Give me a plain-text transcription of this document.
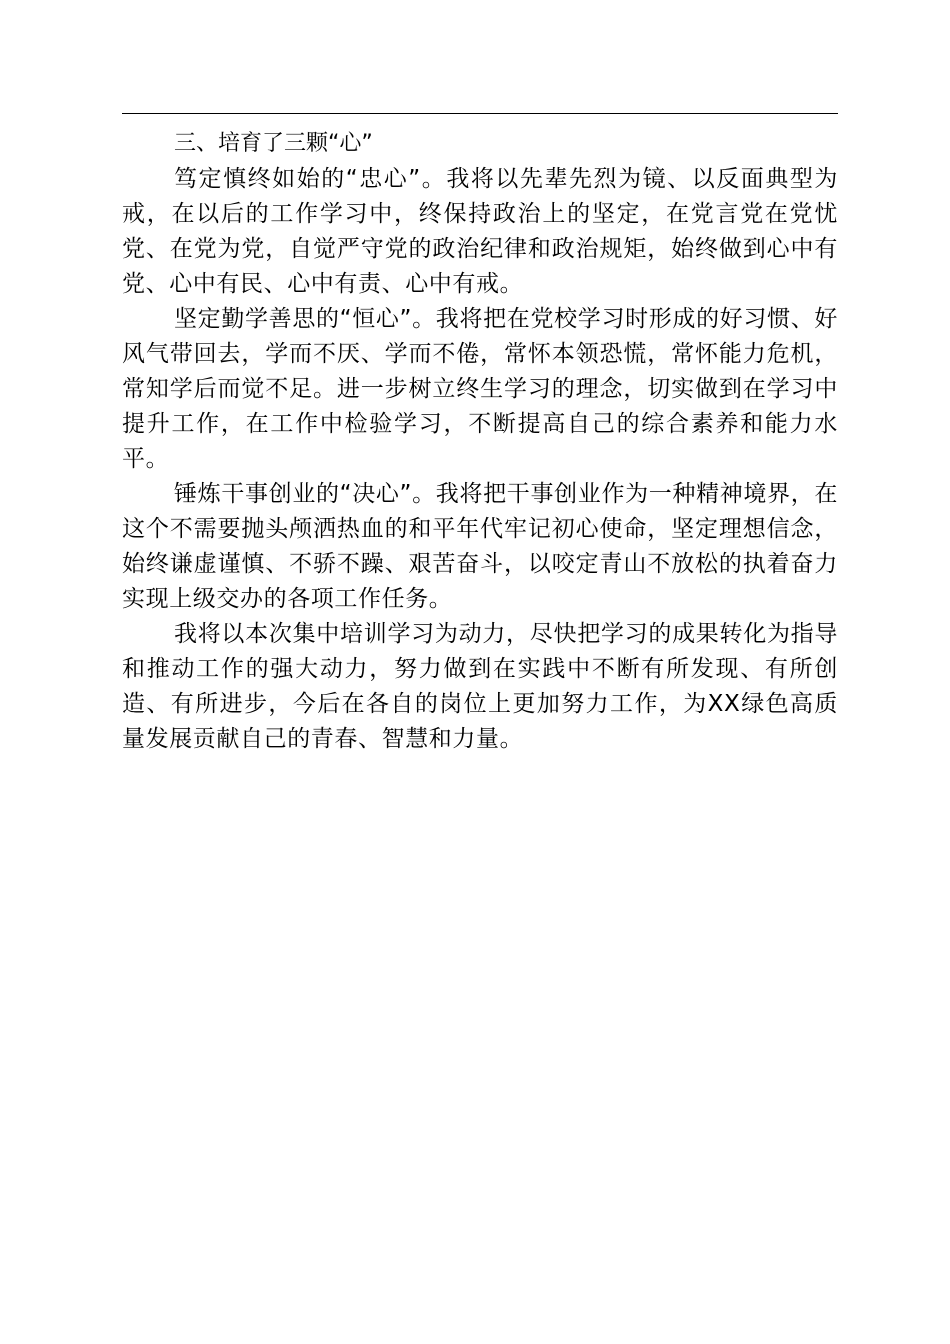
三、培育了三颗“心”

笃定慎终如始的“忠心”。我将以先辈先烈为镜、以反面典型为戒，在以后的工作学习中，终保持政治上的坚定，在党言党在党忧党、在党为党，自觉严守党的政治纪律和政治规矩，始终做到心中有党、心中有民、心中有责、心中有戒。

坚定勤学善思的“恒心”。我将把在党校学习时形成的好习惯、好风气带回去，学而不厌、学而不倦，常怀本领恐慌，常怀能力危机，常知学后而觉不足。进一步树立终生学习的理念，切实做到在学习中提升工作，在工作中检验学习，不断提高自己的综合素养和能力水平。

锤炼干事创业的“决心”。我将把干事创业作为一种精神境界，在这个不需要抛头颅洒热血的和平年代牢记初心使命，坚定理想信念，始终谦虚谨慎、不骄不躁、艰苦奋斗，以咬定青山不放松的执着奋力实现上级交办的各项工作任务。

我将以本次集中培训学习为动力，尽快把学习的成果转化为指导和推动工作的强大动力，努力做到在实践中不断有所发现、有所创造、有所进步，今后在各自的岗位上更加努力工作，为XX绿色高质量发展贡献自己的青春、智慧和力量。
